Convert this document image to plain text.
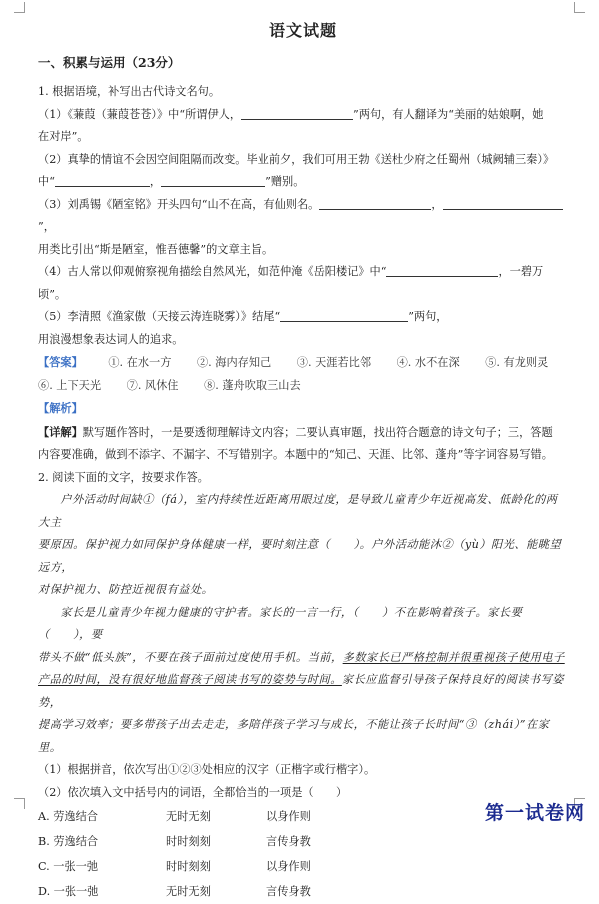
语文试题
一、积累与运用（23分）

1. 根据语境，补写出古代诗文名句。

（1）《蒹葭（蒹葭苍苍）》中“所谓伊人，	”两句，有人翻译为“美丽的姑娘啊，她

在对岸”。

（2）真挚的情谊不会因空间阻隔而改变。毕业前夕，我们可用王勃《送杜少府之任蜀州（城阙辅三秦）》

中“	，	”赠别。

（3）刘禹锡《陋室铭》开头四句“山不在高，有仙则名。	，”，

用类比引出“斯是陋室，惟吾德馨”的文章主旨。

（4）古人常以仰观俯察视角描绘自然风光，如范仲淹《岳阳楼记》中“	，一碧万顷”。

（5）李清照《渔家傲（天接云涛连晓雾）》结尾“	”两句，

用浪漫想象表达词人的追求。

【答案】 ①. 在水一方 ②. 海内存知己 ③. 天涯若比邻 ④. 水不在深 ⑤. 有龙则灵

⑥. 上下天光 ⑦. 风休住 ⑧. 蓬舟吹取三山去

【解析】

【详解】默写题作答时，一是要透彻理解诗文内容；二要认真审题，找出符合题意的诗文句子；三，答题

内容要准确，做到不添字、不漏字、不写错别字。本题中的“知己、天涯、比邻、蓬舟”等字词容易写错。

2. 阅读下面的文字，按要求作答。

户外活动时间缺①（fá），室内持续性近距离用眼过度，是导致儿童青少年近视高发、低龄化的两大主

要原因。保护视力如同保护身体健康一样，要时刻注意（　　）。户外活动能沐②（yù）阳光、能眺望远方，

对保护视力、防控近视很有益处。

家长是儿童青少年视力健康的守护者。家长的一言一行，（　　）不在影响着孩子。家长要（　　），要

带头不做“低头族”，不要在孩子面前过度使用手机。当前，多数家长已严格控制并很重视孩子使用电子

产品的时间，没有很好地监督孩子阅读书写的姿势与时间。家长应监督引导孩子保持良好的阅读书写姿势，

提高学习效率；要多带孩子出去走走，多陪伴孩子学习与成长，不能让孩子长时间“③（zhái）”在家里。

（1）根据拼音，依次写出①②③处相应的汉字（正楷字或行楷字）。

（2）依次填入文中括号内的词语，全都恰当的一项是（　　）

A. 劳逸结合	无时无刻	以身作则
B. 劳逸结合	时时刻刻	言传身教
C. 一张一弛	时时刻刻	以身作则
D. 一张一弛	无时无刻	言传身教
第一试卷网
